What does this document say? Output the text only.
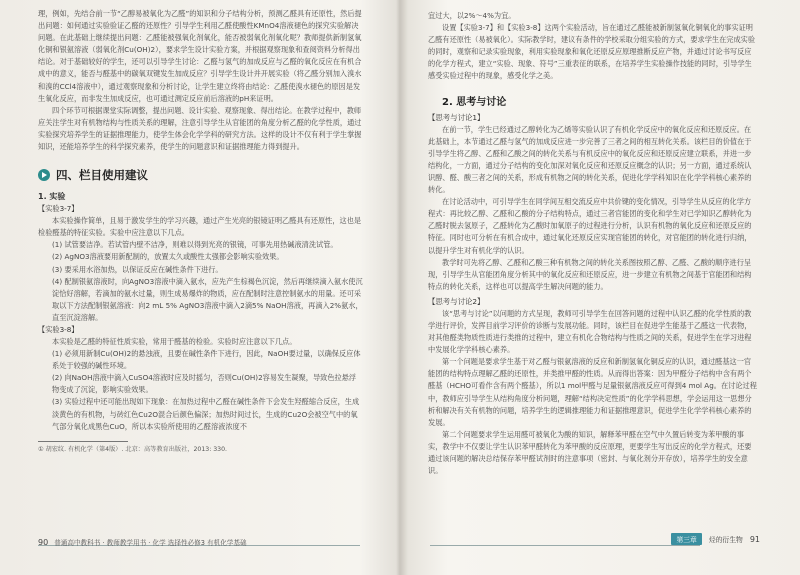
理，例如，先结合前一节“乙醇易被氧化为乙醛”的知识和分子结构分析，预测乙醛具有还原性，然后提出问题：如何通过实验验证乙醛的还原性？引导学生利用乙醛使酸性KMnO4溶液褪色的探究实验解决问题。在此基础上继续提出问题：乙醛能被强氧化剂氧化，能否被弱氧化剂氧化呢？教师提供新制氢氧化铜和银氨溶液（弱氧化剂Cu(OH)2），要求学生设计实验方案，并根据观察现象和查阅资料分析得出结论。对于基础较好的学生，还可以引导学生讨论：乙醛与氢气的加成反应与乙醛的氧化反应在有机合成中的意义，能否与醛基中的碳氧双键发生加成反应？引导学生设计并开展实验（将乙醛分别加入溴水和溴的CCl4溶液中），通过观察现象和分析讨论，让学生建立终将由结论：乙醛使溴水褪色的原因是发生氧化反应，而非发生加成反应，也可通过测定反应前后溶液的pH来证明。

四个环节可根据课堂实际调整，提出问题、设计实验、观察现象、得出结论。在教学过程中，教师应关注学生对有机物结构与性质关系的理解，注意引导学生从官能团的角度分析乙醛的化学性质，通过实验探究培养学生的证据推理能力，使学生体会化学学科的研究方法。这样的设计不仅有利于学生掌握知识，还能培养学生的科学探究素养，使学生的问题意识和证据推理能力得到提升。

四、栏目使用建议
1. 实验
【实验3-7】

本实验操作简单，且易于激发学生的学习兴趣，通过产生光亮的银镜证明乙醛具有还原性，这也是检验醛基的特征实验。实验中应注意以下几点。

(1) 试管要洁净。若试管内壁不洁净，则难以得到光亮的银镜，可事先用热碱液清洗试管。

(2) AgNO3溶液要用新配制的，放置太久或酸性太强都会影响实验效果。

(3) 要采用水浴加热，以保证反应在碱性条件下进行。

(4) 配制银氨溶液时，向AgNO3溶液中滴入氨水，应先产生棕褐色沉淀，然后再继续滴入氨水使沉淀恰好溶解，若滴加的氨水过量，则生成易爆炸的物质，应在配制时注意控制氨水的用量。还可采取以下方法配制银氨溶液：向2 mL 5% AgNO3溶液中滴入2滴5% NaOH溶液，再滴入2%氨水，直至沉淀溶解。

【实验3-8】

本实验是乙醛的特征性质实验，常用于醛基的检验。实验时应注意以下几点。

(1) 必须用新制Cu(OH)2的悬浊液，且要在碱性条件下进行，因此，NaOH要过量，以确保反应体系处于较强的碱性环境。

(2) 向NaOH溶液中滴入CuSO4溶液时应及时摇匀，否则Cu(OH)2容易发生凝聚，导致色拉悬浮物变成了沉淀，影响实验效果。

(3) 实验过程中还可能出现如下现象：在加热过程中乙醛在碱性条件下会发生羟醛缩合反应，生成淡黄色的有机物，与砖红色Cu2O混合后颜色偏深；加热时间过长，生成的Cu2O会被空气中的氧气部分氧化成黑色CuO，所以本实验所使用的乙醛溶液浓度不

① 胡宏纹. 有机化学（第4版）. 北京：高等教育出版社，2013: 330.
90 普通高中教科书 · 教师教学用书 · 化学 选择性必修3 有机化学基础

宜过大，以2%～4%为宜。

设置【实验3-7】和【实验3-8】这两个实验活动，旨在通过乙醛能被新制氢氧化铜氧化的事实证明乙醛有还原性（易被氧化）。实际教学时，建议有条件的学校采取分组实验的方式，要求学生在完成实验的同时，观察和记录实验现象，利用实验现象和氧化还原反应原理推断反应产物，并通过讨论书写反应的化学方程式，建立“实验、现象、符号”三重表征的联系，在培养学生实验操作技能的同时，引导学生感受实验过程中的现象，感受化学之美。

2. 思考与讨论
【思考与讨论1】

在前一节，学生已经通过乙醇转化为乙烯等实验认识了有机化学反应中的氧化反应和还原反应。在此基础上，本节通过乙醛与氢气的加成反应进一步完善了三者之间的相互转化关系。该栏目的价值在于引导学生将乙醇、乙醛和乙酸之间的转化关系与有机反应中的氧化反应和还原反应建立联系，并进一步结构化，一方面，通过分子结构的变化加深对氧化反应和还原反应概念的认识；另一方面，通过系统认识醇、醛、酸三者之间的关系，形成有机物之间的转化关系，促进化学学科知识在化学学科核心素养的转化。

在讨论活动中，可引导学生在同学间互相交流反应中共价键的变化情况，引导学生从反应的化学方程式：再比较乙醇、乙醛和乙酸的分子结构特点，通过三者官能团的变化和学生对已学知识乙醇转化为乙醛时脱去氢原子，乙醛转化为乙酸时加氧原子的过程进行分析，认识有机物的氧化反应和还原反应的特征。同时也可分析在有机合成中，通过氧化还原反应实现官能团的转化，对官能团的转化进行归纳，以提升学生对有机化学的认识。

教学时可先将乙醇、乙醛和乙酸三种有机物之间的转化关系图按照乙醇、乙醛、乙酸的顺序进行呈现，引导学生从官能团角度分析其中的氧化反应和还原反应，进一步建立有机物之间基于官能团和结构特点的转化关系，这样也可以提高学生解决问题的能力。

【思考与讨论2】

该“思考与讨论”以问题的方式呈现，教师可引导学生在回答问题的过程中认识乙醛的化学性质的教学进行评价，发挥目前学习评价的诊断与发展功能。同时，该栏目在促进学生能基于乙醛这一代表物，对其他醛类物质性质进行类推的过程中，建立有机化合物结构与性质之间的关系，促进学生在学习进程中发展化学学科核心素养。

第一个问题是要求学生基于对乙醛与银氨溶液的反应和新制氢氧化铜反应的认识，通过醛基这一官能团的结构特点理解乙醛的还原性，并类推甲醛的性质。从而得出答案：因为甲醛分子结构中含有两个醛基（HCHO可看作含有两个醛基），所以1 mol甲醛与足量银氨溶液反应可得到4 mol Ag。在讨论过程中，教师应引导学生从结构角度分析问题，理解“结构决定性质”的化学学科思想，学会运用这一思想分析和解决有关有机物的问题，培养学生的逻辑推理能力和证据推理意识，促进学生化学学科核心素养的发展。

第二个问题要求学生运用醛可被氧化为酸的知识，解释苯甲醛在空气中久置后转变为苯甲酸的事实，教学中不仅要让学生认识苯甲醛转化为苯甲酸的反应原理，更要学生写出反应的化学方程式，还要通过该问题的解决总结保存苯甲醛试剂时的注意事项（密封、与氧化剂分开存放），培养学生的安全意识。

第三章	烃的衍生物 91
